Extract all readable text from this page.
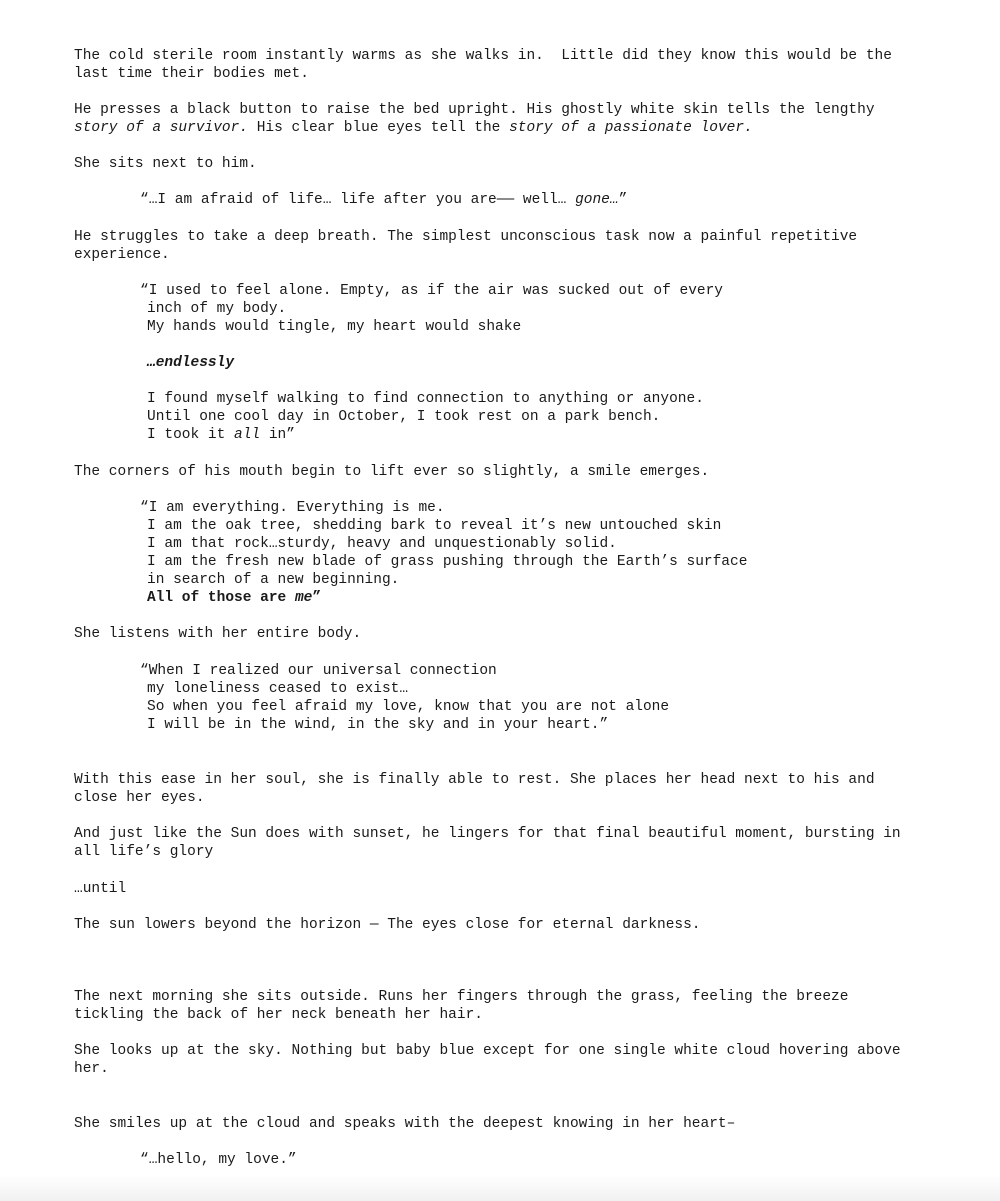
The cold sterile room instantly warms as she walks in.  Little did they know this would be the

last time their bodies met.

He presses a black button to raise the bed upright. His ghostly white skin tells the lengthy

story of a survivor. His clear blue eyes tell the story of a passionate lover.

She sits next to him.

“…I am afraid of life… life after you are—— well… gone…”

He struggles to take a deep breath. The simplest unconscious task now a painful repetitive

experience.

“I used to feel alone. Empty, as if the air was sucked out of every

inch of my body.

My hands would tingle, my heart would shake

…endlessly

I found myself walking to find connection to anything or anyone.

Until one cool day in October, I took rest on a park bench.

I took it all in”

The corners of his mouth begin to lift ever so slightly, a smile emerges.

“I am everything. Everything is me.

I am the oak tree, shedding bark to reveal it’s new untouched skin

I am that rock…sturdy, heavy and unquestionably solid.

I am the fresh new blade of grass pushing through the Earth’s surface

in search of a new beginning.

All of those are me”

She listens with her entire body.

“When I realized our universal connection

my loneliness ceased to exist…

So when you feel afraid my love, know that you are not alone

I will be in the wind, in the sky and in your heart.”

With this ease in her soul, she is finally able to rest. She places her head next to his and

close her eyes.

And just like the Sun does with sunset, he lingers for that final beautiful moment, bursting in

all life’s glory

…until

The sun lowers beyond the horizon — The eyes close for eternal darkness.

The next morning she sits outside. Runs her fingers through the grass, feeling the breeze

tickling the back of her neck beneath her hair.

She looks up at the sky. Nothing but baby blue except for one single white cloud hovering above

her.

She smiles up at the cloud and speaks with the deepest knowing in her heart–

“…hello, my love.”
